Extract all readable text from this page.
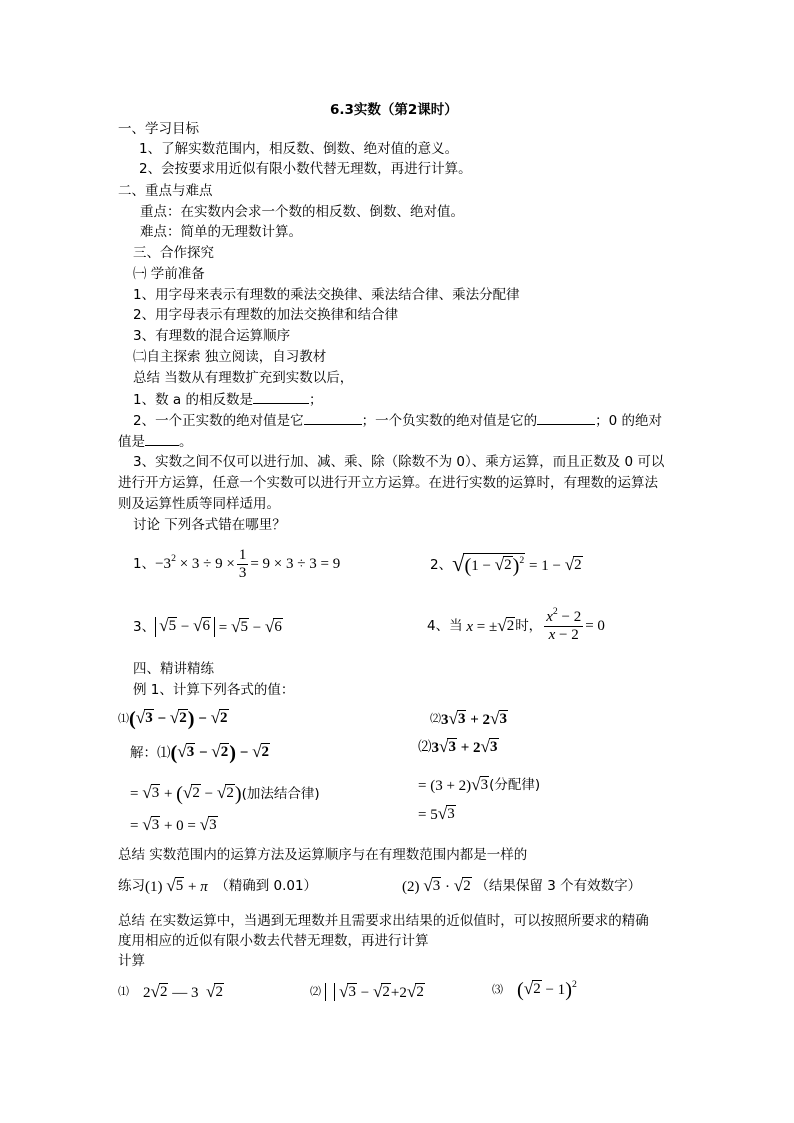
6.3实数（第2课时）
一、学习目标
1、了解实数范围内，相反数、倒数、绝对值的意义。
2、会按要求用近似有限小数代替无理数，再进行计算。
二、重点与难点
重点：在实数内会求一个数的相反数、倒数、绝对值。
难点：简单的无理数计算。
三、合作探究
㈠ 学前准备
1、用字母来表示有理数的乘法交换律、乘法结合律、乘法分配律
2、用字母表示有理数的加法交换律和结合律
3、有理数的混合运算顺序
㈡自主探索 独立阅读，自习教材
总结 当数从有理数扩充到实数以后，
1、数 a 的相反数是	；
2、一个正实数的绝对值是它	；一个负实数的绝对值是它的	；0 的绝对
值是	。
3、实数之间不仅可以进行加、减、乘、除（除数不为 0）、乘方运算，而且正数及 0 可以
进行开方运算，任意一个实数可以进行开立方运算。在进行实数的运算时，有理数的运算法
则及运算性质等同样适用。
讨论 下列各式错在哪里？
1、 $-3^2 \times 3 \div 9 \times \frac{1}{3} = 9 \times 3 \div 3 = 9$	2、 √ (1 − √ 2 )$^2$ = 1 − √ 2
3、 √ 5 − √ 6 = √ 5 − √ 6	4、当 x = ± √ 2 时， $\frac{x^2 - 2}{x - 2} = 0$
四、精讲精练
例 1、计算下列各式的值：
⑴ ( √ 3 − √ 2 ) − √ 2	⑵ 3 √ 3 + 2 √ 3
解： ⑴ ( √ 3 − √ 2 ) − √ 2
= √ 3 + ( √ 2 − √ 2 ) (加法结合律)
= √ 3 + 0 = √ 3
⑵ 3 √ 3 + 2 √ 3
= (3 + 2) √ 3 (分配律)
= 5 √ 3
总结 实数范围内的运算方法及运算顺序与在有理数范围内都是一样的
练习 (1) √ 5 + π （精确到 0.01）	(2) √ 3 · √ 2
（结果保留 3 个有效数字）
总结 在实数运算中，当遇到无理数并且需要求出结果的近似值时，可以按照所要求的精确
度用相应的近似有限小数去代替无理数，再进行计算
计算
⑴ 2 √ 2 — 3 √ 2	⑵ √ 3 − √ 2 +2 √ 2	⑶ ( √ 2 − 1)$^2$
